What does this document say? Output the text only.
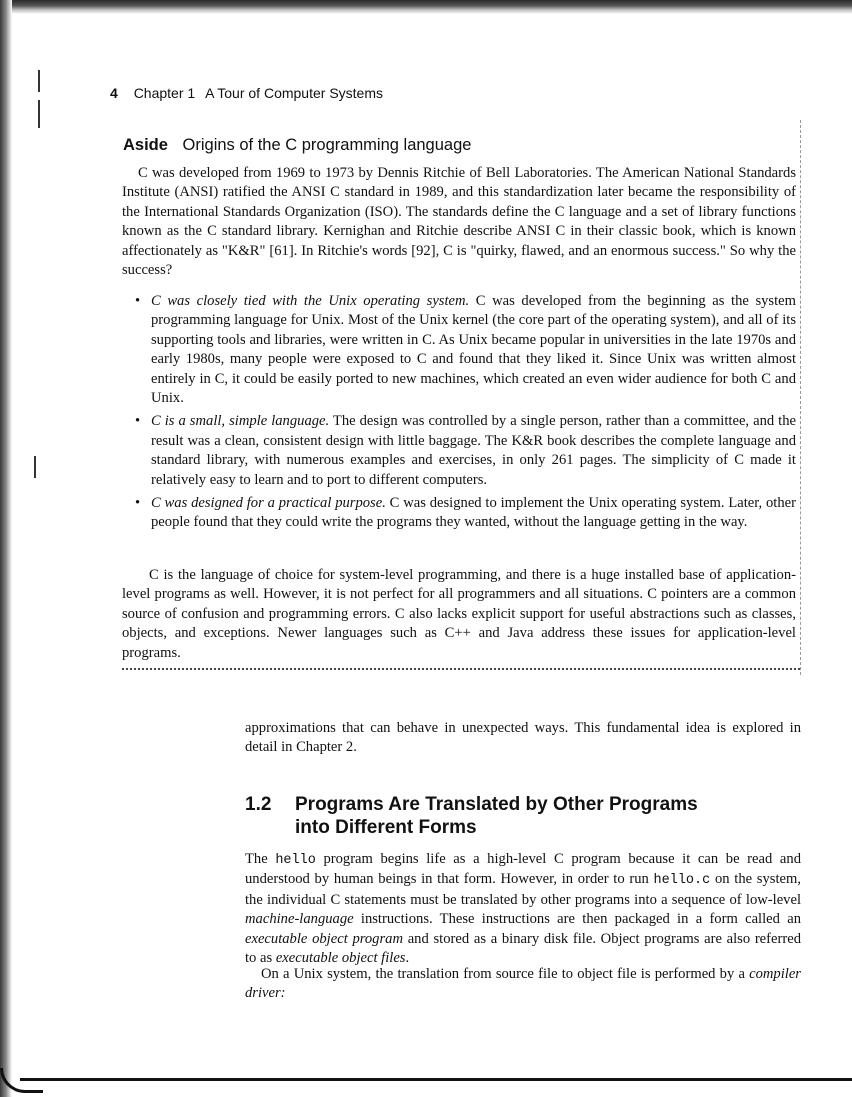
4 Chapter 1 A Tour of Computer Systems
Aside Origins of the C programming language

C was developed from 1969 to 1973 by Dennis Ritchie of Bell Laboratories. The American National Standards Institute (ANSI) ratified the ANSI C standard in 1989, and this standardization later became the responsibility of the International Standards Organization (ISO). The standards define the C language and a set of library functions known as the C standard library. Kernighan and Ritchie describe ANSI C in their classic book, which is known affectionately as "K&R" [61]. In Ritchie's words [92], C is "quirky, flawed, and an enormous success." So why the success?

• C was closely tied with the Unix operating system. C was developed from the beginning as the system programming language for Unix. Most of the Unix kernel (the core part of the operating system), and all of its supporting tools and libraries, were written in C. As Unix became popular in universities in the late 1970s and early 1980s, many people were exposed to C and found that they liked it. Since Unix was written almost entirely in C, it could be easily ported to new machines, which created an even wider audience for both C and Unix.
• C is a small, simple language. The design was controlled by a single person, rather than a committee, and the result was a clean, consistent design with little baggage. The K&R book describes the complete language and standard library, with numerous examples and exercises, in only 261 pages. The simplicity of C made it relatively easy to learn and to port to different computers.
• C was designed for a practical purpose. C was designed to implement the Unix operating system. Later, other people found that they could write the programs they wanted, without the language getting in the way.

C is the language of choice for system-level programming, and there is a huge installed base of application-level programs as well. However, it is not perfect for all programmers and all situations. C pointers are a common source of confusion and programming errors. C also lacks explicit support for useful abstractions such as classes, objects, and exceptions. Newer languages such as C++ and Java address these issues for application-level programs.

approximations that can behave in unexpected ways. This fundamental idea is explored in detail in Chapter 2.

1.2 Programs Are Translated by Other Programs
into Different Forms

The hello program begins life as a high-level C program because it can be read and understood by human beings in that form. However, in order to run hello.c on the system, the individual C statements must be translated by other programs into a sequence of low-level machine-language instructions. These instructions are then packaged in a form called an executable object program and stored as a binary disk file. Object programs are also referred to as executable object files.

On a Unix system, the translation from source file to object file is performed by a compiler driver:
